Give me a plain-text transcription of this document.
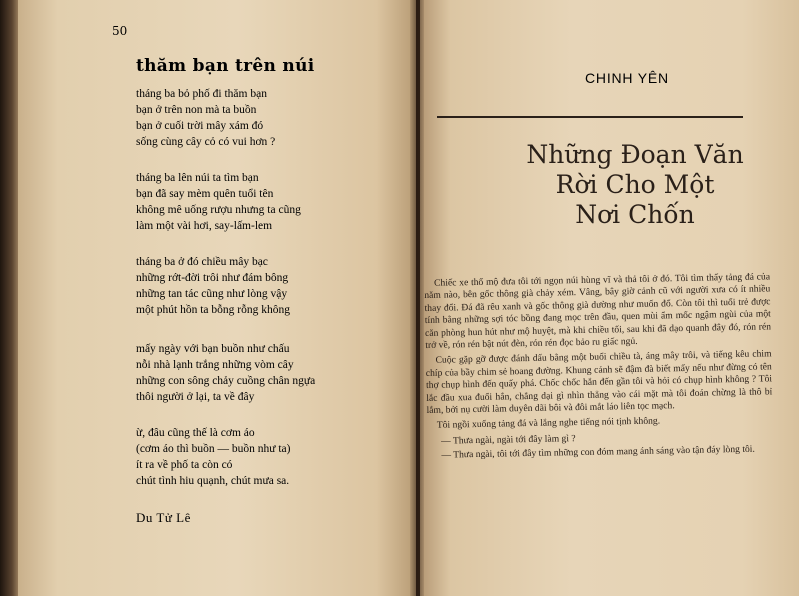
50
thăm bạn trên núi
tháng ba bỏ phố đi thăm bạn
bạn ở trên non mà ta buồn
bạn ở cuối trời mây xám đó
sống cùng cây cỏ có vui hơn ?
tháng ba lên núi ta tìm bạn
bạn đã say mèm quên tuổi tên
không mê uống rượu nhưng ta cũng
làm một vài hơi, say-lấm-lem
tháng ba ở đó chiều mây bạc
những rớt-đời trôi như đám bông
những tan tác cũng như lòng vậy
một phút hồn ta bỗng rỗng không
mấy ngày với bạn buồn như chấu
nỗi nhà lạnh trắng những vòm cây
những con sông chảy cuồng chân ngựa
thôi người ở lại, ta về đây
ừ, đâu cũng thế là cơm áo
(cơm áo thì buồn — buồn như ta)
ít ra về phố ta còn có
chút tình hiu quạnh, chút mưa sa.
Du Tử Lê
CHINH YÊN
Những Đoạn Văn
Rời Cho Một
Nơi Chốn

Chiếc xe thổ mộ đưa tôi tới ngọn núi hùng vĩ và thả tôi ở đó. Tôi tìm thấy tảng đá của năm nào, bên gốc thông già chảy xém. Vâng, bây giờ cảnh cũ với người xưa có ít nhiều thay đổi. Đá đã rêu xanh và gốc thông già dường như muốn đổ. Còn tôi thì tuổi trẻ được tính bằng những sợi tóc bồng đang mọc trên đầu, quen mùi ẩm mốc ngậm ngùi của một căn phòng hun hút như mộ huyệt, mà khi chiều tối, sau khi đã dạo quanh đây đó, rón rén trở về, rón rén bật nút đèn, rón rén đọc bảo ru giấc ngủ.

Cuộc gặp gỡ được đánh dấu bằng một buổi chiều tà, áng mây trôi, và tiếng kêu chim chíp của bầy chim sẻ hoang đường. Khung cảnh sẽ đậm đà biết mấy nếu như đừng có tên thợ chụp hình đến quấy phá. Chốc chốc hắn đến gần tôi và hỏi có chụp hình không ? Tôi lắc đầu xua đuổi hắn, chẳng dại gì nhìn thẳng vào cái mặt mà tôi đoán chừng là thô bỉ lắm, bởi nụ cười làm duyên dãi bôi và đôi mắt láo liên tọc mạch.

Tôi ngồi xuống tảng đá và lắng nghe tiếng nói tịnh không.

— Thưa ngài, ngài tới đây làm gì ?

— Thưa ngài, tôi tới đây tìm những con đóm mang ánh sáng vào tận đáy lòng tôi.
